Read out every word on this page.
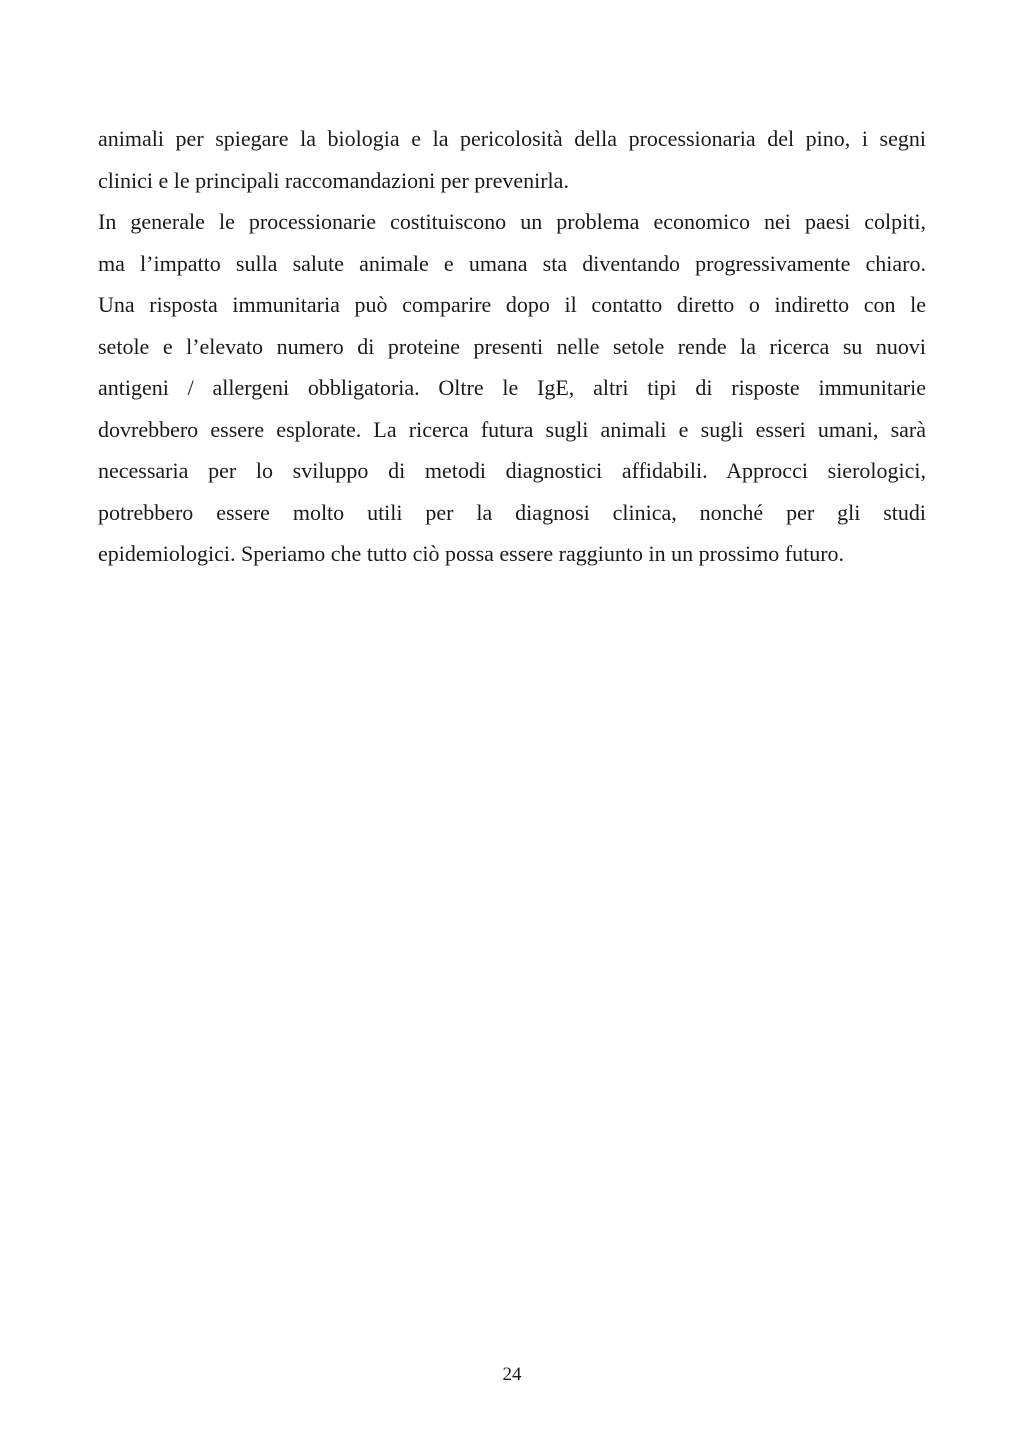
animali per spiegare la biologia e la pericolosità della processionaria del pino, i segni
clinici e le principali raccomandazioni per prevenirla.
In generale le processionarie costituiscono un problema economico nei paesi colpiti,
ma l’impatto sulla salute animale e umana sta diventando progressivamente chiaro.
Una risposta immunitaria può comparire dopo il contatto diretto o indiretto con le
setole e l’elevato numero di proteine presenti nelle setole rende la ricerca su nuovi
antigeni / allergeni obbligatoria. Oltre le IgE, altri tipi di risposte immunitarie
dovrebbero essere esplorate. La ricerca futura sugli animali e sugli esseri umani, sarà
necessaria per lo sviluppo di metodi diagnostici affidabili. Approcci sierologici,
potrebbero essere molto utili per la diagnosi clinica, nonché per gli studi
epidemiologici. Speriamo che tutto ciò possa essere raggiunto in un prossimo futuro.
24
